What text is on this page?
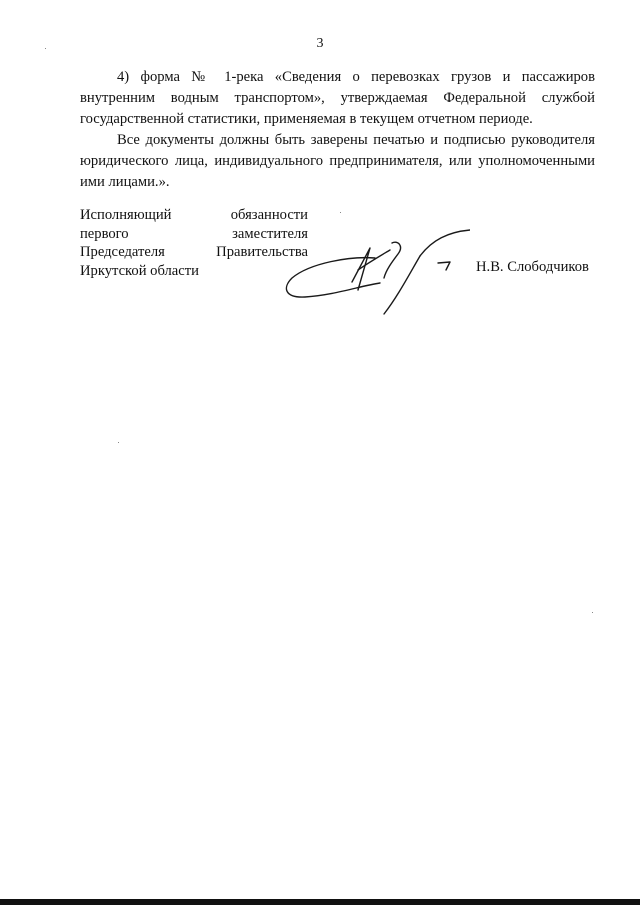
3

4) форма № 1-река «Сведения о перевозках грузов и пассажиров внутренним водным транспортом», утверждаемая Федеральной службой государственной статистики, применяемая в текущем отчетном периоде.

Все документы должны быть заверены печатью и подписью руководителя юридического лица, индивидуального предпринимателя, или уполномоченными ими лицами.».

Исполняющий	обязанности
первого	заместителя
Председателя	Правительства
Иркутской области	Н.В. Слободчиков
